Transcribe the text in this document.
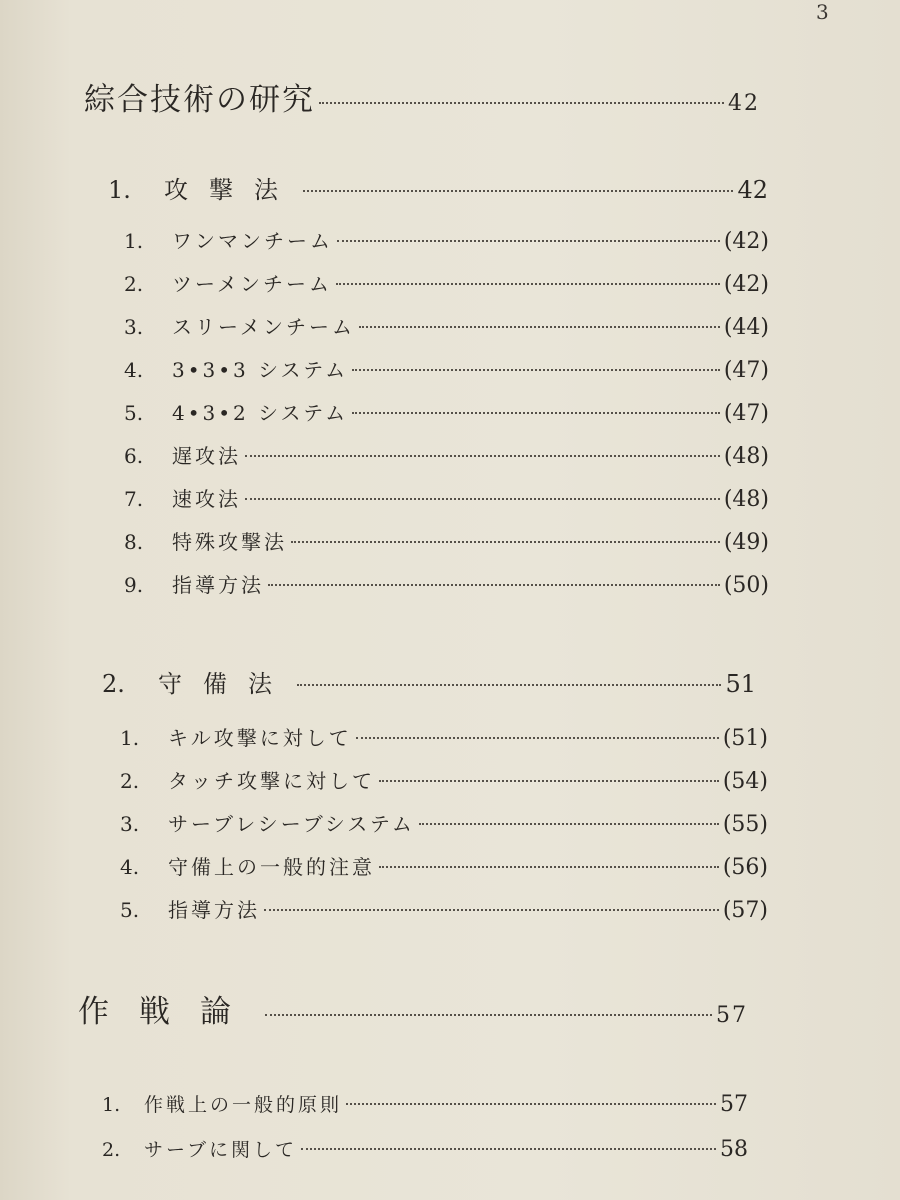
3
綜合技術の研究	42
1.	攻撃法	42
1.	ワンマンチーム	(42)
2.	ツーメンチーム	(42)
3.	スリーメンチーム	(44)
4.	3•3•3 システム	(47)
5.	4•3•2 システム	(47)
6.	遅攻法	(48)
7.	速攻法	(48)
8.	特殊攻撃法	(49)
9.	指導方法	(50)
2.	守備法	51
1.	キル攻撃に対して	(51)
2.	タッチ攻撃に対して	(54)
3.	サーブレシーブシステム	(55)
4.	守備上の一般的注意	(56)
5.	指導方法	(57)
作戦論	57
1.	作戦上の一般的原則	57
2.	サーブに関して	58
